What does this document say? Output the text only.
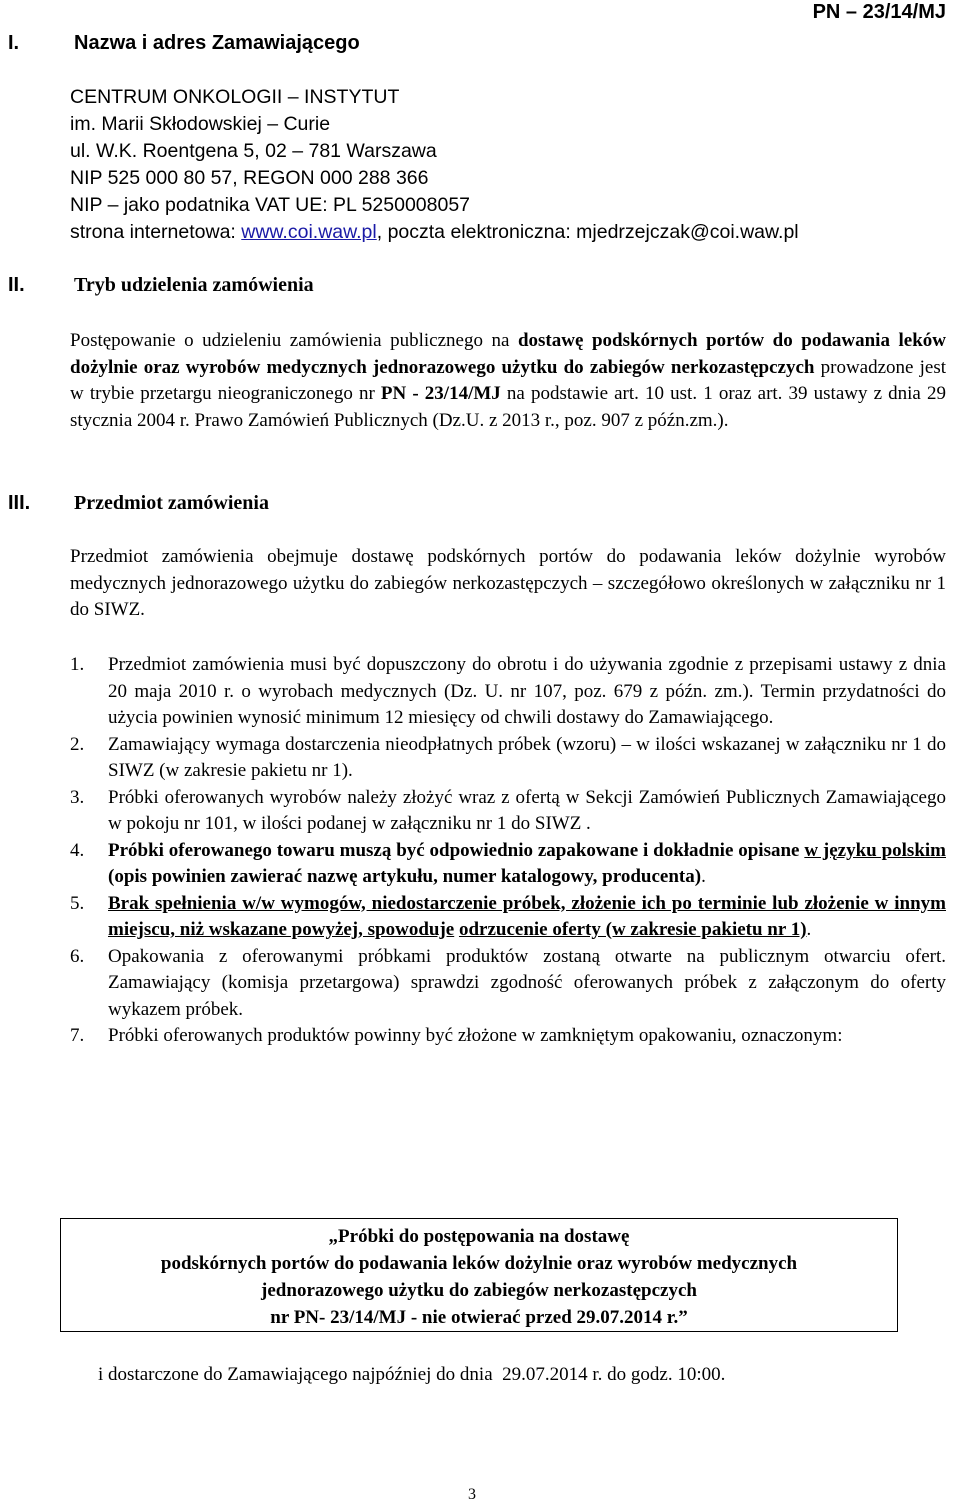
PN – 23/14/MJ
I.	Nazwa i adres Zamawiającego
CENTRUM ONKOLOGII – INSTYTUT
im. Marii Skłodowskiej – Curie
ul. W.K. Roentgena 5, 02 – 781 Warszawa
NIP 525 000 80 57, REGON 000 288 366
NIP – jako podatnika VAT UE: PL 5250008057
strona internetowa: www.coi.waw.pl, poczta elektroniczna: mjedrzejczak@coi.waw.pl
II. Tryb udzielenia zamówienia
Postępowanie o udzieleniu zamówienia publicznego na dostawę podskórnych portów do podawania leków dożylnie oraz wyrobów medycznych jednorazowego użytku do zabiegów nerkozastępczych prowadzone jest w trybie przetargu nieograniczonego nr PN - 23/14/MJ na podstawie art. 10 ust. 1 oraz art. 39 ustawy z dnia 29 stycznia 2004 r. Prawo Zamówień Publicznych (Dz.U. z 2013 r., poz. 907 z późn.zm.).
III. Przedmiot zamówienia
Przedmiot zamówienia obejmuje dostawę podskórnych portów do podawania leków dożylnie wyrobów medycznych jednorazowego użytku do zabiegów nerkozastępczych – szczegółowo określonych w załączniku nr 1 do SIWZ.
1.	Przedmiot zamówienia musi być dopuszczony do obrotu i do używania zgodnie z przepisami ustawy z dnia 20 maja 2010 r. o wyrobach medycznych (Dz. U. nr 107, poz. 679 z późn. zm.). Termin przydatności do użycia powinien wynosić minimum 12 miesięcy od chwili dostawy do Zamawiającego.
2.	Zamawiający wymaga dostarczenia nieodpłatnych próbek (wzoru) – w ilości wskazanej w załączniku nr 1 do SIWZ (w zakresie pakietu nr 1).
3.	Próbki oferowanych wyrobów należy złożyć wraz z ofertą w Sekcji Zamówień Publicznych Zamawiającego w pokoju nr 101, w ilości podanej w załączniku nr 1 do SIWZ .
4.	Próbki oferowanego towaru muszą być odpowiednio zapakowane i dokładnie opisane w języku polskim (opis powinien zawierać nazwę artykułu, numer katalogowy, producenta).
5.	Brak spełnienia w/w wymogów, niedostarczenie próbek, złożenie ich po terminie lub złożenie w innym miejscu, niż wskazane powyżej, spowoduje odrzucenie oferty (w zakresie pakietu nr 1).
6.	Opakowania z oferowanymi próbkami produktów zostaną otwarte na publicznym otwarciu ofert. Zamawiający (komisja przetargowa) sprawdzi zgodność oferowanych próbek z załączonym do oferty wykazem próbek.
7.	Próbki oferowanych produktów powinny być złożone w zamkniętym opakowaniu, oznaczonym:
„Próbki do postępowania na dostawę
podskórnych portów do podawania leków dożylnie oraz wyrobów medycznych
jednorazowego użytku do zabiegów nerkozastępczych
nr PN- 23/14/MJ - nie otwierać przed 29.07.2014 r.”
i dostarczone do Zamawiającego najpóźniej do dnia  29.07.2014 r. do godz. 10:00.
3
